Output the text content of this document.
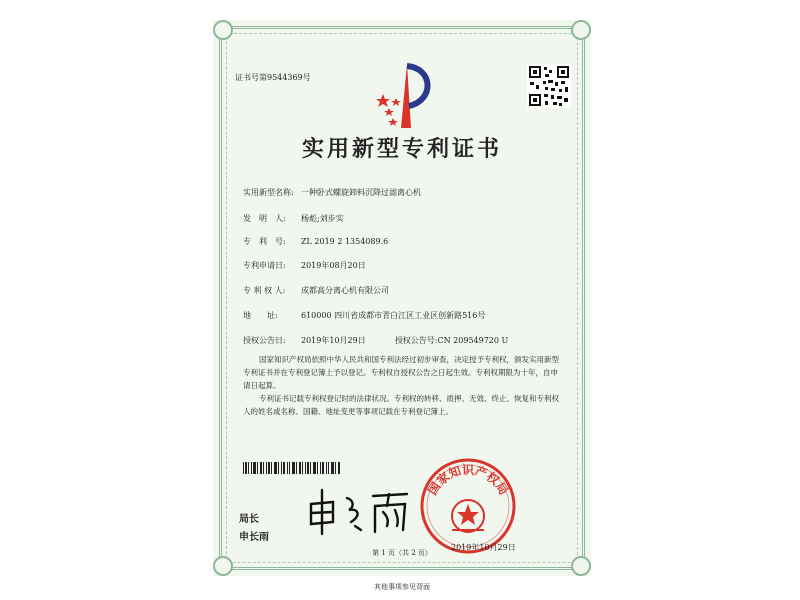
证书号第9544369号
实用新型专利证书
实用新型名称: 一种卧式螺旋卸料沉降过滤离心机
发　明　人: 杨彪;刘步实
专　利　号: ZL 2019 2 1354089.6
专利申请日: 2019年08月20日
专 利 权 人: 成都高分离心机有限公司
地　　址:	610000 四川省成都市青白江区工业区创新路516号
授权公告日: 2019年10月29日	授权公告号:CN 209549720 U
国家知识产权局依照中华人民共和国专利法经过初步审查，决定授予专利权，颁发实用新型专利证书并在专利登记簿上予以登记。专利权自授权公告之日起生效。专利权期限为十年，自申请日起算。
专利证书记载专利权登记时的法律状况。专利权的转移、质押、无效、终止、恢复和专利权人的姓名或名称、国籍、地址变更等事项记载在专利登记簿上。
局长
申长雨
国家知识产权局
2019年10月29日
第 1 页（共 2 页）
其他事项参见背面
